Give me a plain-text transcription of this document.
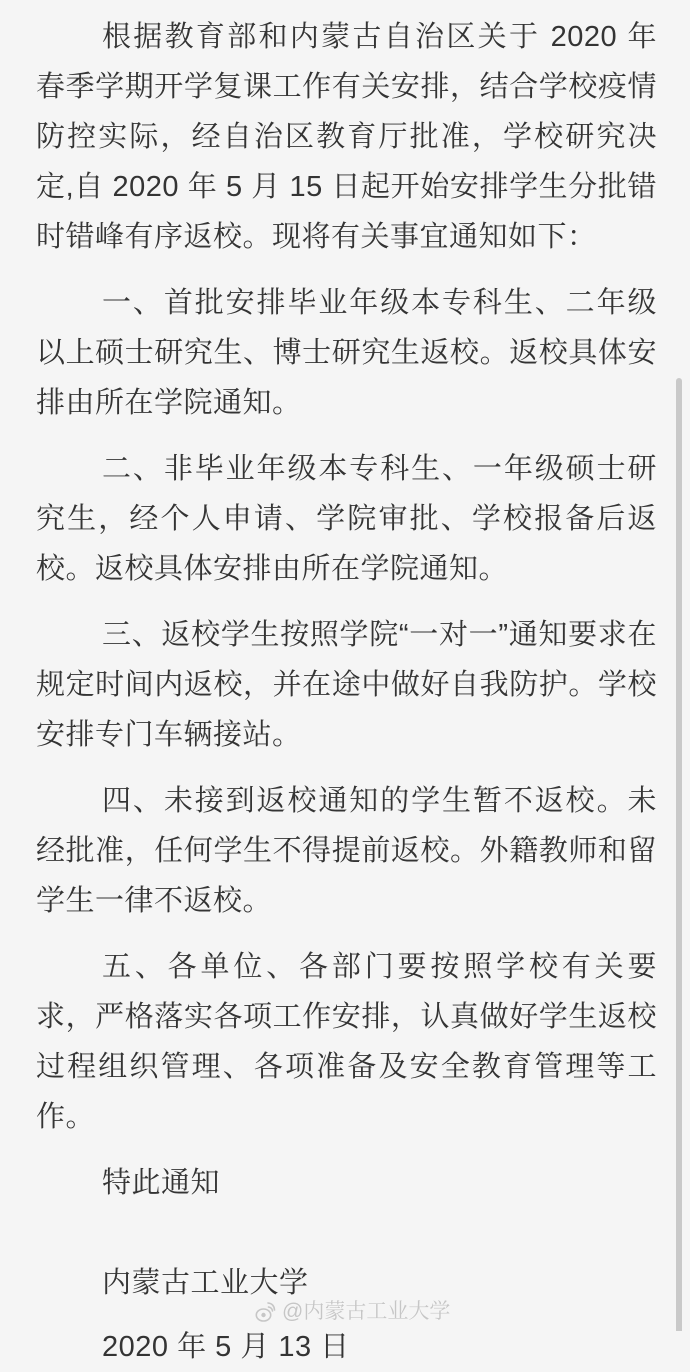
根据教育部和内蒙古自治区关于 2020 年春季学期开学复课工作有关安排，结合学校疫情防控实际，经自治区教育厅批准，学校研究决定,自 2020 年 5 月 15 日起开始安排学生分批错时错峰有序返校。现将有关事宜通知如下：

一、首批安排毕业年级本专科生、二年级以上硕士研究生、博士研究生返校。返校具体安排由所在学院通知。

二、非毕业年级本专科生、一年级硕士研究生，经个人申请、学院审批、学校报备后返校。返校具体安排由所在学院通知。

三、返校学生按照学院“一对一”通知要求在规定时间内返校，并在途中做好自我防护。学校安排专门车辆接站。

四、未接到返校通知的学生暂不返校。未经批准，任何学生不得提前返校。外籍教师和留学生一律不返校。

五、各单位、各部门要按照学校有关要求，严格落实各项工作安排，认真做好学生返校过程组织管理、各项准备及安全教育管理等工作。

特此通知

内蒙古工业大学

2020 年 5 月 13 日

@内蒙古工业大学
